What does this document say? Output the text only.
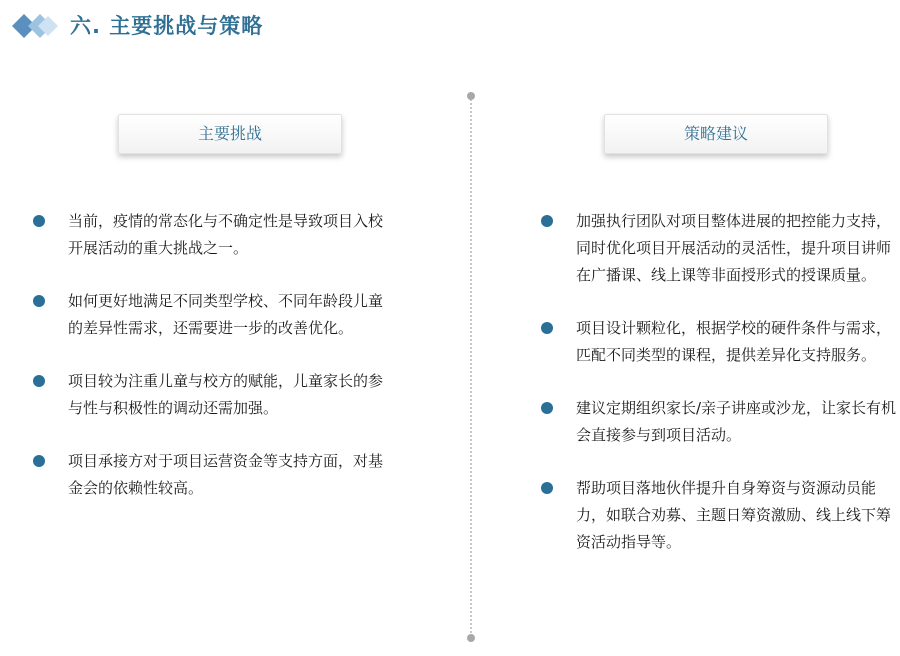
六. 主要挑战与策略
主要挑战	策略建议
当前，疫情的常态化与不确定性是导致项目入校开展活动的重大挑战之一。
如何更好地满足不同类型学校、不同年龄段儿童的差异性需求，还需要进一步的改善优化。
项目较为注重儿童与校方的赋能，儿童家长的参与性与积极性的调动还需加强。
项目承接方对于项目运营资金等支持方面，对基金会的依赖性较高。
加强执行团队对项目整体进展的把控能力支持，同时优化项目开展活动的灵活性，提升项目讲师在广播课、线上课等非面授形式的授课质量。
项目设计颗粒化，根据学校的硬件条件与需求，匹配不同类型的课程，提供差异化支持服务。
建议定期组织家长/亲子讲座或沙龙，让家长有机会直接参与到项目活动。
帮助项目落地伙伴提升自身筹资与资源动员能力，如联合劝募、主题日筹资激励、线上线下筹资活动指导等。
